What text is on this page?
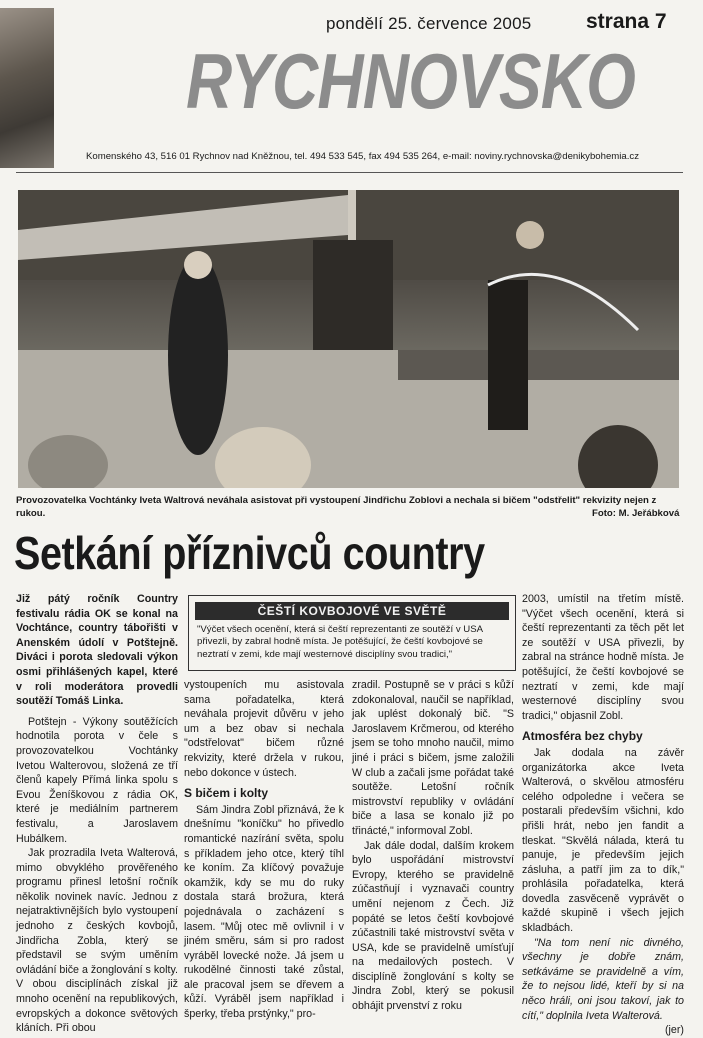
pondělí 25. července 2005	strana 7
RYCHNOVSKO
Komenského 43, 516 01 Rychnov nad Kněžnou, tel. 494 533 545, fax 494 535 264, e-mail: noviny.rychnovska@denikybohemia.cz
Provozovatelka Vochtánky Iveta Waltrová neváhala asistovat při vystoupení Jindřichu Zoblovi a nechala si bičem "odstřelit" rekvizity nejen z rukou.	Foto: M. Jeřábková
Setkání příznivců country

Již pátý ročník Country festivalu rádia OK se konal na Vochtánce, country tábořišti v Anenském údolí v Potštejně. Diváci i porota sledovali výkon osmi přihlášených kapel, které v roli moderátora provedli soutěží Tomáš Linka.

Potštejn - Výkony soutěžících hodnotila porota v čele s provozovatelkou Vochtánky Ivetou Walterovou, složená ze tří členů kapely Přímá linka spolu s Evou Ženíškovou z rádia OK, které je mediálním partnerem festivalu, a Jaroslavem Hubálkem.

Jak prozradila Iveta Walterová, mimo obvyklého prověřeného programu přinesl letošní ročník několik novinek navíc. Jednou z nejatraktivnějších bylo vystoupení jednoho z českých kovbojů, Jindřicha Zobla, který se představil se svým uměním ovládání biče a žonglování s kolty. V obou disciplínách získal již mnoho ocenění na republikových, evropských a dokonce světových kláních. Při obou

ČEŠTÍ KOVBOJOVÉ VE SVĚTĚ
"Výčet všech ocenění, která si čeští reprezentanti ze soutěží v USA přivezli, by zabral hodně místa. Je potěšující, že čeští kovbojové se neztratí v zemi, kde mají westernové disciplíny svou tradici,"

vystoupeních mu asistovala sama pořadatelka, která neváhala projevit důvěru v jeho um a bez obav si nechala "odstřelovat" bičem různé rekvizity, které držela v rukou, nebo dokonce v ústech.

S bičem i kolty

Sám Jindra Zobl přiznává, že k dnešnímu "koníčku" ho přivedlo romantické nazírání světa, spolu s příkladem jeho otce, který tíhl ke koním. Za klíčový považuje okamžik, kdy se mu do ruky dostala stará brožura, která pojednávala o zacházení s lasem. "Můj otec mě ovlivnil i v jiném směru, sám si pro radost vyráběl lovecké nože. Já jsem u rukodělné činnosti také zůstal, ale pracoval jsem se dřevem a kůží. Vyráběl jsem například i šperky, třeba prstýnky," pro-

zradil. Postupně se v práci s kůží zdokonaloval, naučil se například, jak uplést dokonalý bič. "S Jaroslavem Krčmerou, od kterého jsem se toho mnoho naučil, mimo jiné i práci s bičem, jsme založili W club a začali jsme pořádat také soutěže. Letošní ročník mistrovství republiky v ovládání biče a lasa se konalo již po třinácté," informoval Zobl.

Jak dále dodal, dalším krokem bylo uspořádání mistrovství Evropy, kterého se pravidelně zúčastňují i vyznavači country umění nejenom z Čech. Již popáté se letos čeští kovbojové zúčastnili také mistrovství světa v USA, kde se pravidelně umísťují na medailových postech. V disciplíně žonglování s kolty se Jindra Zobl, který se pokusil obhájit prvenství z roku

2003, umístil na třetím místě. "Výčet všech ocenění, která si čeští reprezentanti za těch pět let ze soutěží v USA přivezli, by zabral na stránce hodně místa. Je potěšující, že čeští kovbojové se neztratí v zemi, kde mají westernové disciplíny svou tradici," objasnil Zobl.

Atmosféra bez chyby

Jak dodala na závěr organizátorka akce Iveta Walterová, o skvělou atmosféru celého odpoledne i večera se postarali především všichni, kdo přišli hrát, nebo jen fandit a tleskat. "Skvělá nálada, která tu panuje, je především jejich zásluha, a patří jim za to dík," prohlásila pořadatelka, která dovedla zasvěceně vyprávět o každé skupině i všech jejich skladbách.

"Na tom není nic divného, všechny je dobře znám, setkáváme se pravidelně a vím, že to nejsou lidé, kteří by si na něco hráli, oni jsou takoví, jak to cítí," doplnila Iveta Walterová.

(jer)
